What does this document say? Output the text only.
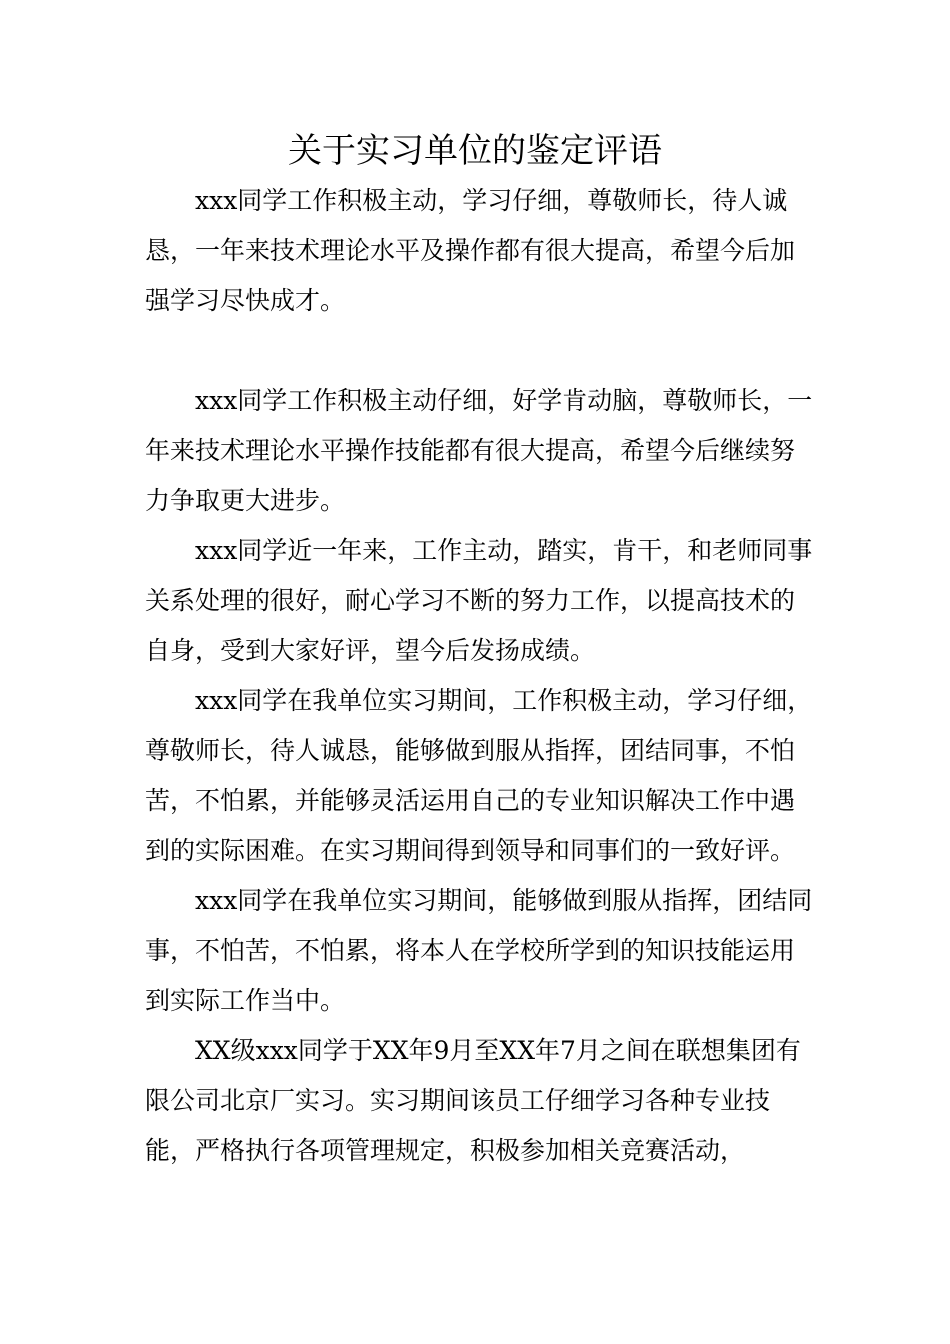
关于实习单位的鉴定评语

xxx同学工作积极主动，学习仔细，尊敬师长，待人诚恳，一年来技术理论水平及操作都有很大提高，希望今后加强学习尽快成才。

xxx同学工作积极主动仔细，好学肯动脑，尊敬师长，一年来技术理论水平操作技能都有很大提高，希望今后继续努力争取更大进步。

xxx同学近一年来，工作主动，踏实，肯干，和老师同事关系处理的很好，耐心学习不断的努力工作，以提高技术的自身，受到大家好评，望今后发扬成绩。

xxx同学在我单位实习期间，工作积极主动，学习仔细，尊敬师长，待人诚恳，能够做到服从指挥，团结同事，不怕苦，不怕累，并能够灵活运用自己的专业知识解决工作中遇到的实际困难。在实习期间得到领导和同事们的一致好评。

xxx同学在我单位实习期间，能够做到服从指挥，团结同事，不怕苦，不怕累，将本人在学校所学到的知识技能运用到实际工作当中。

XX级xxx同学于XX年9月至XX年7月之间在联想集团有限公司北京厂实习。实习期间该员工仔细学习各种专业技能，严格执行各项管理规定，积极参加相关竞赛活动，
